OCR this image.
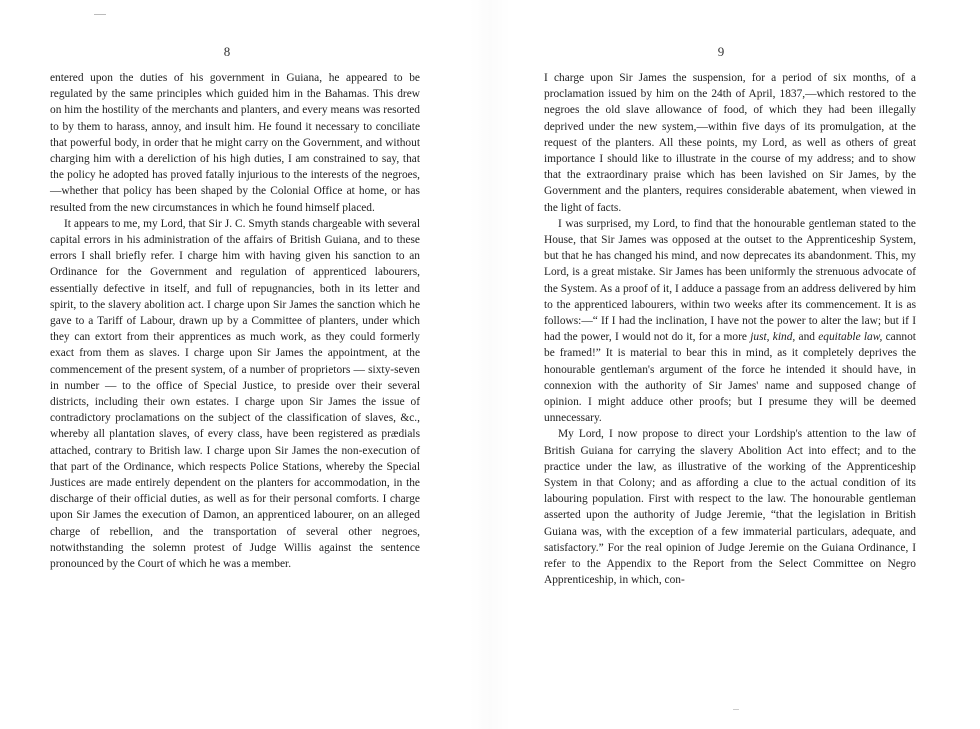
8

entered upon the duties of his government in Guiana, he appeared to be regulated by the same principles which guided him in the Bahamas. This drew on him the hostility of the merchants and planters, and every means was resorted to by them to harass, annoy, and insult him. He found it necessary to conciliate that powerful body, in order that he might carry on the Government, and without charging him with a dereliction of his high duties, I am constrained to say, that the policy he adopted has proved fatally injurious to the interests of the negroes,—whether that policy has been shaped by the Colonial Office at home, or has resulted from the new circumstances in which he found himself placed.

It appears to me, my Lord, that Sir J. C. Smyth stands chargeable with several capital errors in his administration of the affairs of British Guiana, and to these errors I shall briefly refer. I charge him with having given his sanction to an Ordinance for the Government and regulation of apprenticed labourers, essentially defective in itself, and full of repugnancies, both in its letter and spirit, to the slavery abolition act. I charge upon Sir James the sanction which he gave to a Tariff of Labour, drawn up by a Committee of planters, under which they can extort from their apprentices as much work, as they could formerly exact from them as slaves. I charge upon Sir James the appointment, at the commencement of the present system, of a number of proprietors — sixty-seven in number — to the office of Special Justice, to preside over their several districts, including their own estates. I charge upon Sir James the issue of contradictory proclamations on the subject of the classification of slaves, &c., whereby all plantation slaves, of every class, have been registered as prædials attached, contrary to British law. I charge upon Sir James the non-execution of that part of the Ordinance, which respects Police Stations, whereby the Special Justices are made entirely dependent on the planters for accommodation, in the discharge of their official duties, as well as for their personal comforts. I charge upon Sir James the execution of Damon, an apprenticed labourer, on an alleged charge of rebellion, and the transportation of several other negroes, notwithstanding the solemn protest of Judge Willis against the sentence pronounced by the Court of which he was a member.

9

I charge upon Sir James the suspension, for a period of six months, of a proclamation issued by him on the 24th of April, 1837,—which restored to the negroes the old slave allowance of food, of which they had been illegally deprived under the new system,—within five days of its promulgation, at the request of the planters. All these points, my Lord, as well as others of great importance I should like to illustrate in the course of my address; and to show that the extraordinary praise which has been lavished on Sir James, by the Government and the planters, requires considerable abatement, when viewed in the light of facts.

I was surprised, my Lord, to find that the honourable gentleman stated to the House, that Sir James was opposed at the outset to the Apprenticeship System, but that he has changed his mind, and now deprecates its abandonment. This, my Lord, is a great mistake. Sir James has been uniformly the strenuous advocate of the System. As a proof of it, I adduce a passage from an address delivered by him to the apprenticed labourers, within two weeks after its commencement. It is as follows:—“ If I had the inclination, I have not the power to alter the law; but if I had the power, I would not do it, for a more just, kind, and equitable law, cannot be framed!” It is material to bear this in mind, as it completely deprives the honourable gentleman's argument of the force he intended it should have, in connexion with the authority of Sir James' name and supposed change of opinion. I might adduce other proofs; but I presume they will be deemed unnecessary.

My Lord, I now propose to direct your Lordship's attention to the law of British Guiana for carrying the slavery Abolition Act into effect; and to the practice under the law, as illustrative of the working of the Apprenticeship System in that Colony; and as affording a clue to the actual condition of its labouring population. First with respect to the law. The honourable gentleman asserted upon the authority of Judge Jeremie, “that the legislation in British Guiana was, with the exception of a few immaterial particulars, adequate, and satisfactory.” For the real opinion of Judge Jeremie on the Guiana Ordinance, I refer to the Appendix to the Report from the Select Committee on Negro Apprenticeship, in which, con-
